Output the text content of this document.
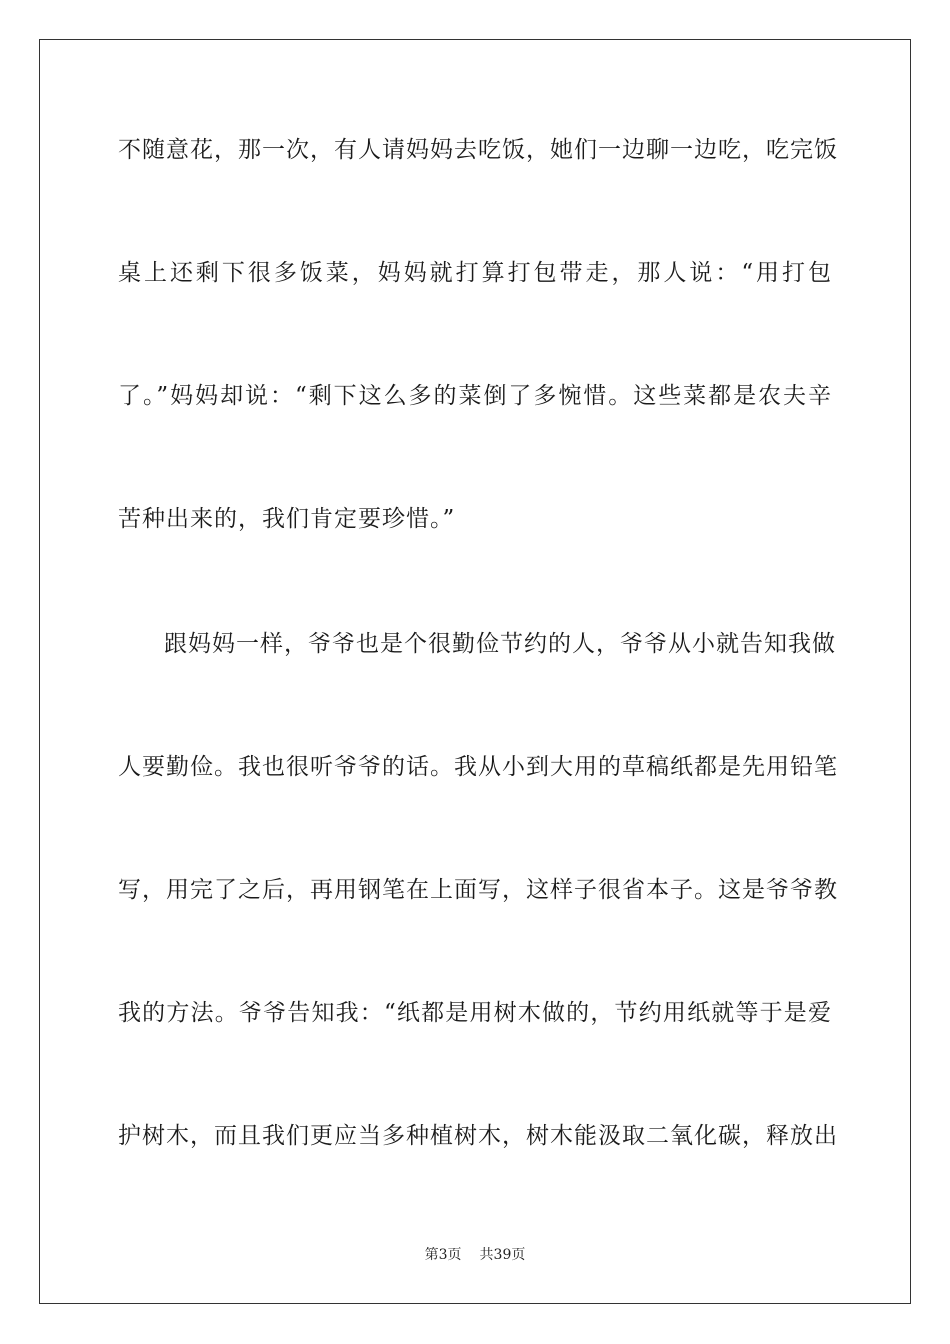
不随意花，那一次，有人请妈妈去吃饭，她们一边聊一边吃，吃完饭
桌上还剩下很多饭菜，妈妈就打算打包带走，那人说：“用打包
了。”妈妈却说：“剩下这么多的菜倒了多惋惜。这些菜都是农夫辛
苦种出来的，我们肯定要珍惜。”
跟妈妈一样，爷爷也是个很勤俭节约的人，爷爷从小就告知我做
人要勤俭。我也很听爷爷的话。我从小到大用的草稿纸都是先用铅笔
写，用完了之后，再用钢笔在上面写，这样子很省本子。这是爷爷教
我的方法。爷爷告知我：“纸都是用树木做的，节约用纸就等于是爱
护树木，而且我们更应当多种植树木，树木能汲取二氧化碳，释放出
第3页 共39页
